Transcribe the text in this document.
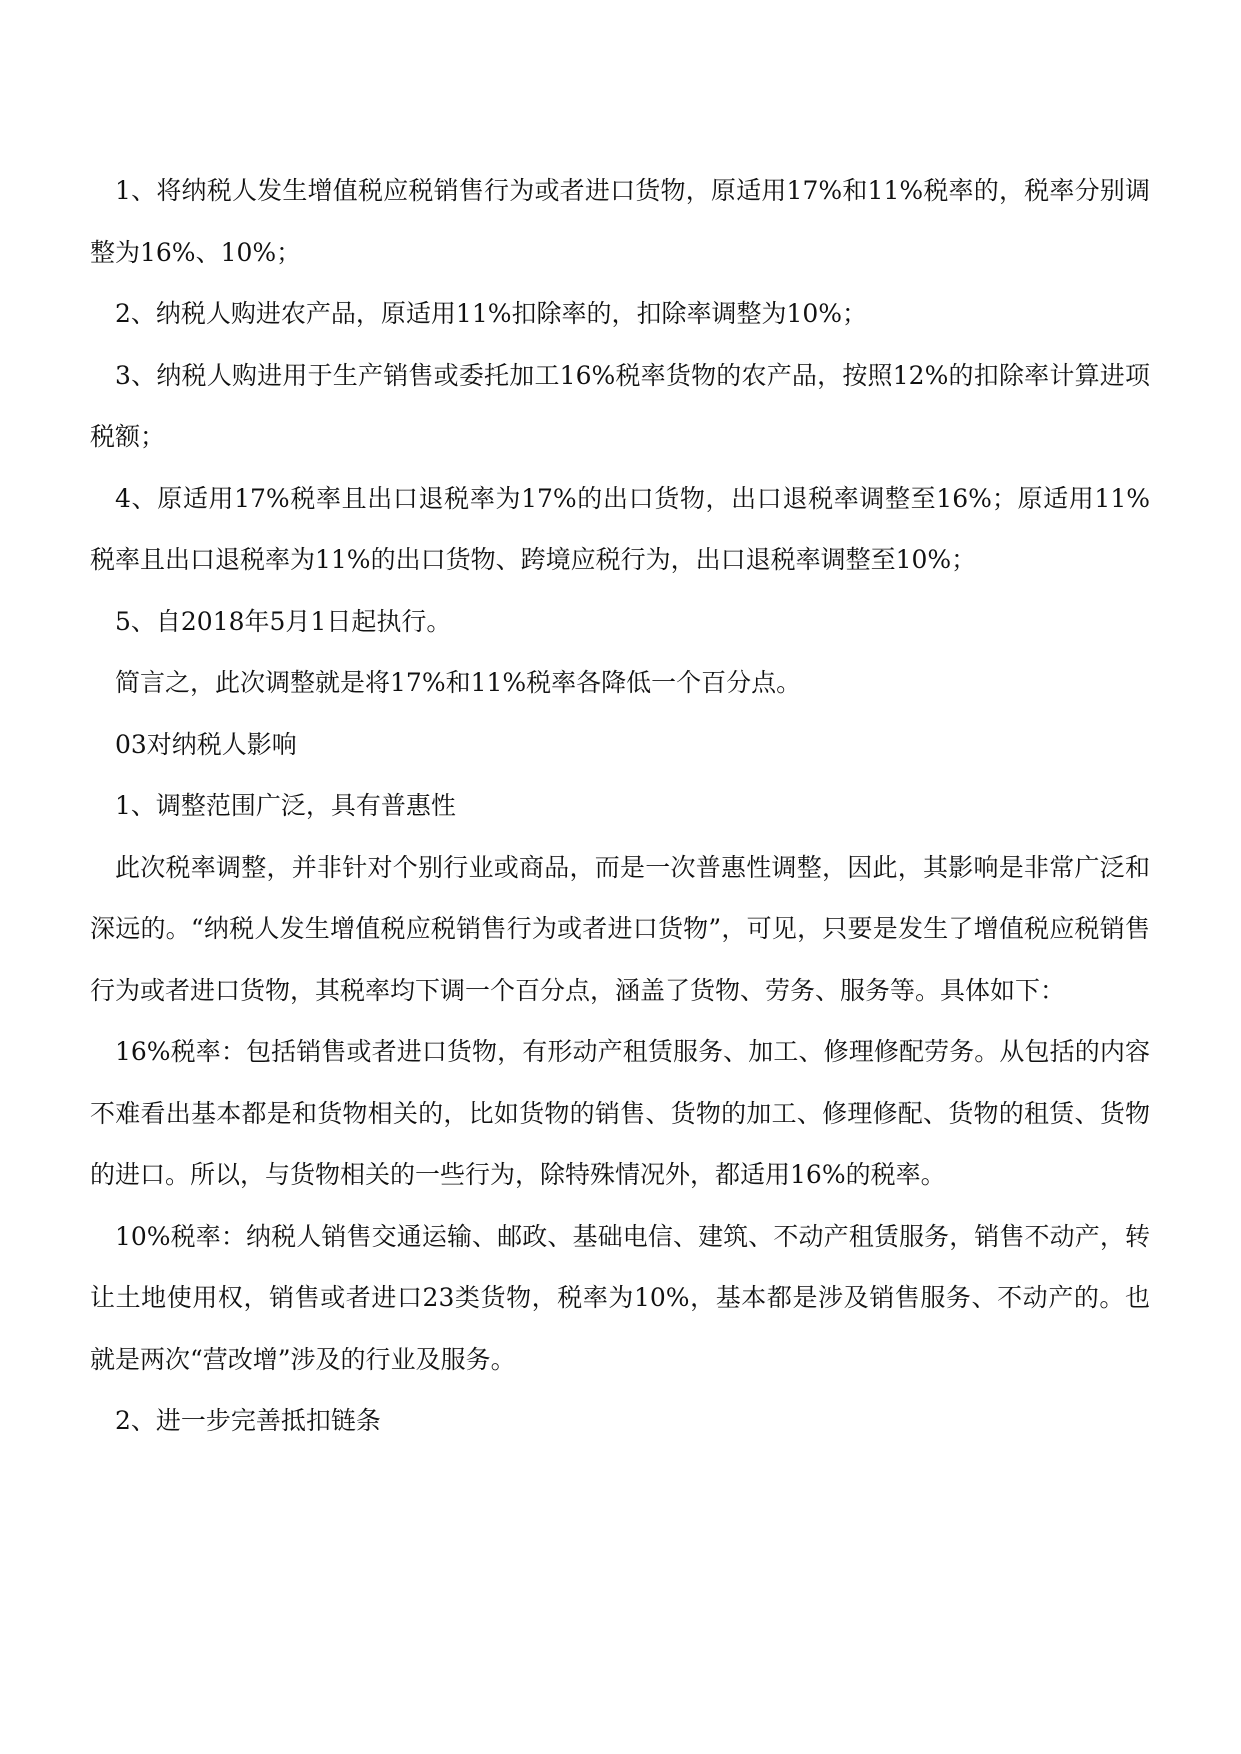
1、将纳税人发生增值税应税销售行为或者进口货物，原适用17%和11%税率的，税率分别调整为16%、10%；

2、纳税人购进农产品，原适用11%扣除率的，扣除率调整为10%；

3、纳税人购进用于生产销售或委托加工16%税率货物的农产品，按照12%的扣除率计算进项税额；

4、原适用17%税率且出口退税率为17%的出口货物，出口退税率调整至16%；原适用11%税率且出口退税率为11%的出口货物、跨境应税行为，出口退税率调整至10%；

5、自2018年5月1日起执行。

简言之，此次调整就是将17%和11%税率各降低一个百分点。

03对纳税人影响

1、调整范围广泛，具有普惠性

此次税率调整，并非针对个别行业或商品，而是一次普惠性调整，因此，其影响是非常广泛和深远的。“纳税人发生增值税应税销售行为或者进口货物”，可见，只要是发生了增值税应税销售行为或者进口货物，其税率均下调一个百分点，涵盖了货物、劳务、服务等。具体如下：

16%税率：包括销售或者进口货物，有形动产租赁服务、加工、修理修配劳务。从包括的内容不难看出基本都是和货物相关的，比如货物的销售、货物的加工、修理修配、货物的租赁、货物的进口。所以，与货物相关的一些行为，除特殊情况外，都适用16%的税率。

10%税率：纳税人销售交通运输、邮政、基础电信、建筑、不动产租赁服务，销售不动产，转让土地使用权，销售或者进口23类货物，税率为10%，基本都是涉及销售服务、不动产的。也就是两次“营改增”涉及的行业及服务。

2、进一步完善抵扣链条
